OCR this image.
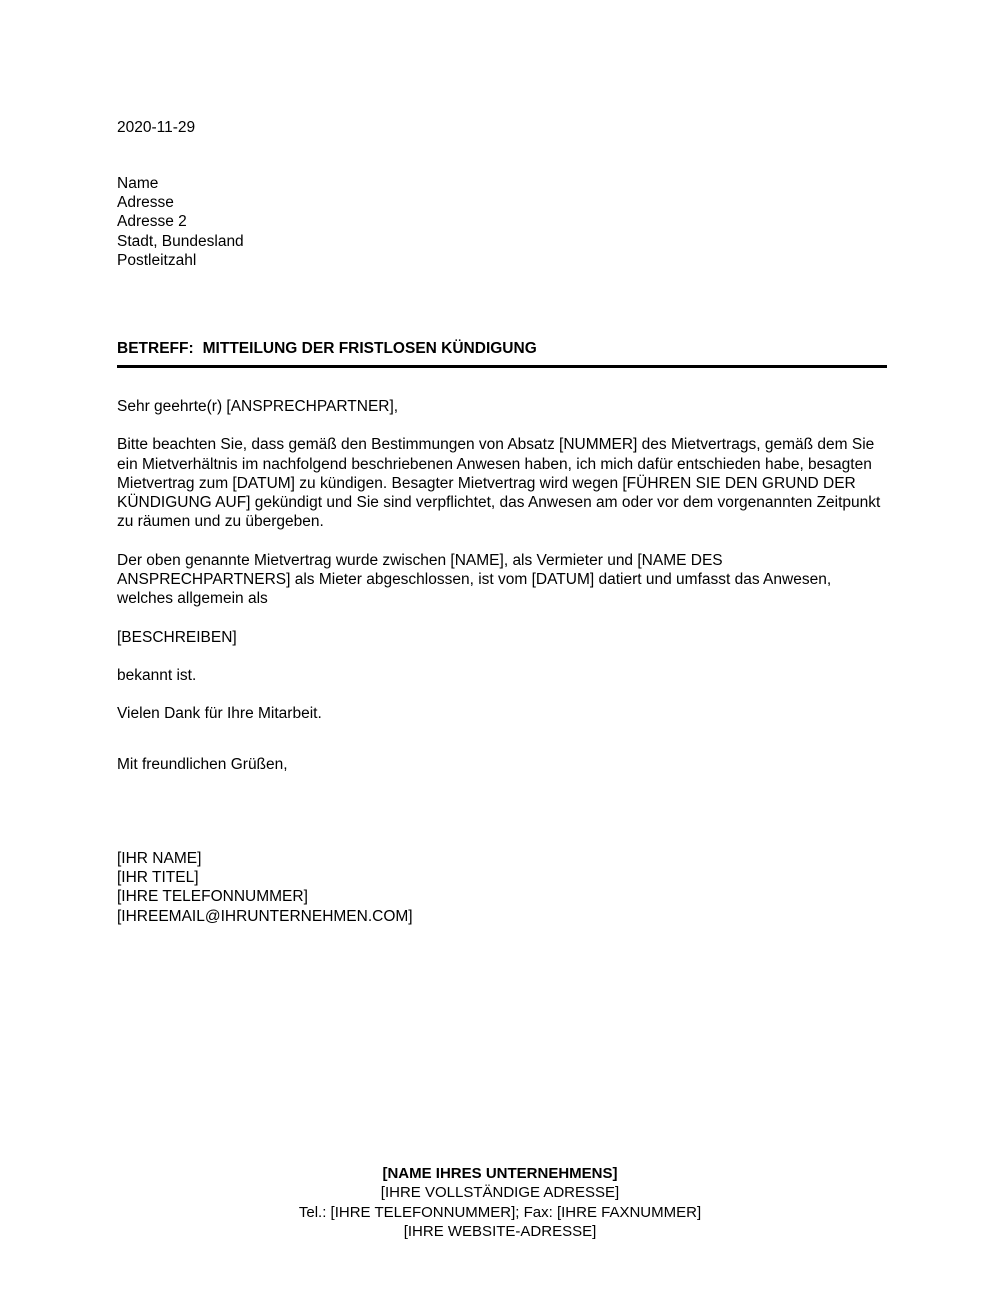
2020-11-29
Name
Adresse
Adresse 2
Stadt, Bundesland
Postleitzahl
BETREFF: MITTEILUNG DER FRISTLOSEN KÜNDIGUNG

Sehr geehrte(r) [ANSPRECHPARTNER],

Bitte beachten Sie, dass gemäß den Bestimmungen von Absatz [NUMMER] des Mietvertrags, gemäß dem Sie ein Mietverhältnis im nachfolgend beschriebenen Anwesen haben, ich mich dafür entschieden habe, besagten Mietvertrag zum [DATUM] zu kündigen. Besagter Mietvertrag wird wegen [FÜHREN SIE DEN GRUND DER KÜNDIGUNG AUF] gekündigt und Sie sind verpflichtet, das Anwesen am oder vor dem vorgenannten Zeitpunkt zu räumen und zu übergeben.

Der oben genannte Mietvertrag wurde zwischen [NAME], als Vermieter und [NAME DES ANSPRECHPARTNERS] als Mieter abgeschlossen, ist vom [DATUM] datiert und umfasst das Anwesen, welches allgemein als

[BESCHREIBEN]

bekannt ist.

Vielen Dank für Ihre Mitarbeit.

Mit freundlichen Grüßen,

[IHR NAME]
[IHR TITEL]
[IHRE TELEFONNUMMER]
[IHREEMAIL@IHRUNTERNEHMEN.COM]
[NAME IHRES UNTERNEHMENS]
[IHRE VOLLSTÄNDIGE ADRESSE]
Tel.: [IHRE TELEFONNUMMER]; Fax: [IHRE FAXNUMMER]
[IHRE WEBSITE-ADRESSE]
